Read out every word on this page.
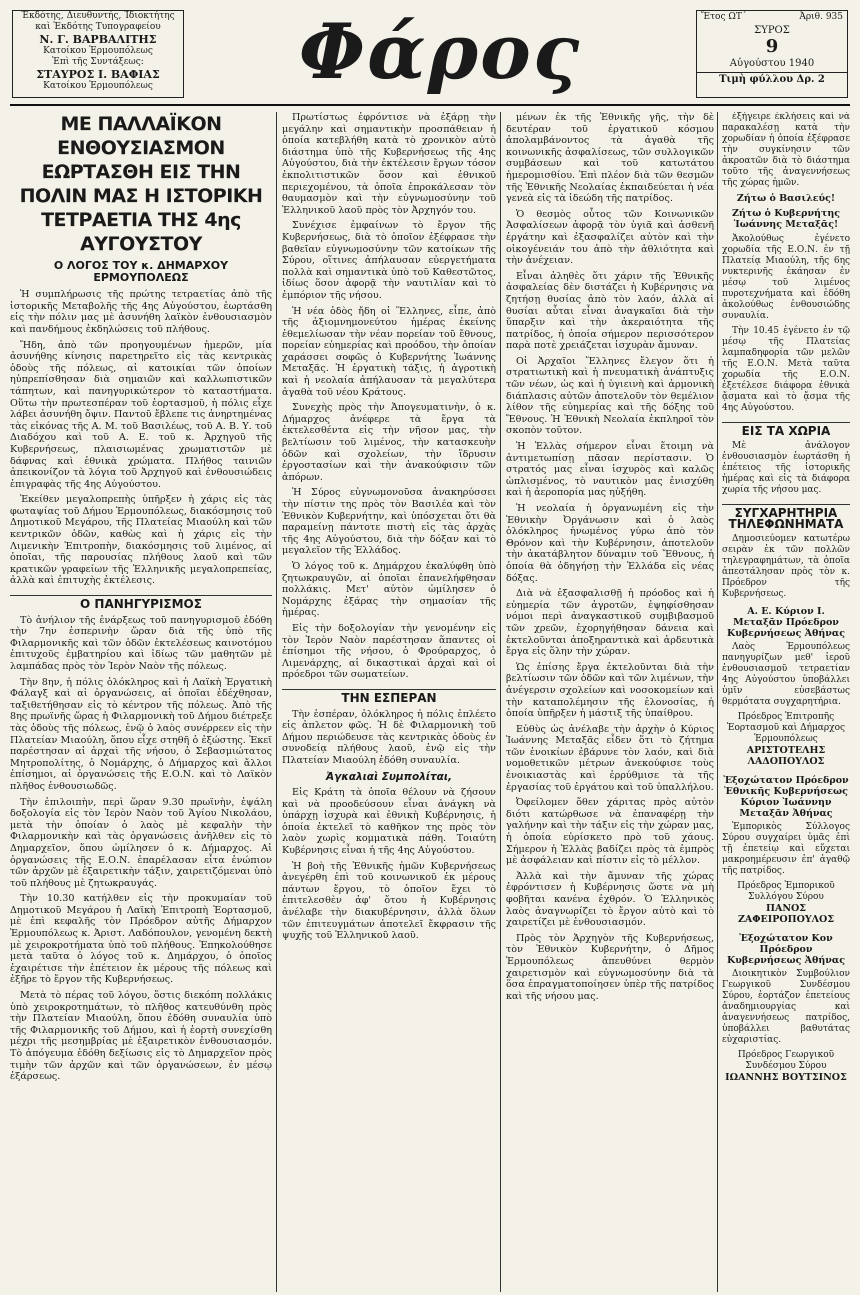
Ἐκδότης, Διευθυντής, Ἰδιοκτήτης
καὶ Ἐκδότης Τυπογραφείου
Ν. Γ. ΒΑΡΒΑΛΙΤΗΣ
Κατοίκου Ἑρμουπόλεως
Ἐπὶ τῆς Συντάξεως:
ΣΤΑΥΡΟΣ Ι. ΒΑΦΙΑΣ
Κατοίκου Ἑρμουπόλεως	Φάρος	Ἔτος ΩΤ΄	Ἀριθ. 935
ΣΥΡΟΣ
9
Αὐγούστου 1940
Τιμὴ φύλλου Δρ. 2
ΜΕ ΠΑΛΛΑΪΚΟΝ ΕΝΘΟΥΣΙΑΣΜΟΝ ΕΩΡΤΑΣΘΗ ΕΙΣ ΤΗΝ ΠΟΛΙΝ ΜΑΣ Η ΙΣΤΟΡΙΚΗ ΤΕΤΡΑΕΤΙΑ ΤΗΣ 4ης ΑΥΓΟΥΣΤΟΥ
Ο ΛΟΓΟΣ ΤΟΥ κ. ΔΗΜΑΡΧΟΥ ΕΡΜΟΥΠΟΛΕΩΣ

Ἡ συμπλήρωσις τῆς πρώτης τετραετίας ἀπὸ τῆς ἱστορικῆς Μεταβολῆς τῆς 4ης Αὐγούστου, ἑωρτάσθη εἰς τὴν πόλιν μας μὲ ἀσυνήθη λαϊκὸν ἐνθουσιασμὸν καὶ πανδήμους ἐκδηλώσεις τοῦ πλήθους.

Ἤδη, ἀπὸ τῶν προηγουμένων ἡμερῶν, μία ἀσυνήθης κίνησις παρετηρεῖτο εἰς τὰς κεντρικὰς ὁδοὺς τῆς πόλεως, αἱ κατοικίαι τῶν ὁποίων ηὐπρεπίσθησαν διὰ σημαιῶν καὶ καλλωπιστικῶν τάπητων, καὶ πανηγυρικώτερον τὸ καταστήματα. Οὕτω τὴν πρωτεσπέραν τοῦ ἑορτασμοῦ, ἡ πόλις εἶχε λάβει ἀσυνήθη ὄψιν. Παντοῦ ἔβλεπε τις ἀνηρτημένας τὰς εἰκόνας τῆς Α. Μ. τοῦ Βασιλέως, τοῦ Α. Β. Υ. τοῦ Διαδόχου καὶ τοῦ Α. Ε. τοῦ κ. Ἀρχηγοῦ τῆς Κυβερνήσεως, πλαισιωμένας χρωματιστῶν μὲ δάφνας καὶ ἐθνικὰ χρώματα. Πλήθος ταινιῶν ἀπεικονίζον τὰ λόγια τοῦ Ἀρχηγοῦ καὶ ἐνθουσιώδεις ἐπιγραφὰς τῆς 4ης Αὐγούστου.

Ἐκείθεν μεγαλοπρεπὴς ὑπῆρξεν ἡ χάρις εἰς τὰς φωταψίας τοῦ Δήμου Ἑρμουπόλεως, διακόσμησις τοῦ Δημοτικοῦ Μεγάρου, τῆς Πλατείας Μιαούλη καὶ τῶν κεντρικῶν ὁδῶν, καθὼς καὶ ἡ χάρις εἰς τὴν Λιμενικὴν Ἐπιτροπὴν, διακόσμησις τοῦ λιμένος, αἱ ὁποῖαι, τῆς παρουσίας πλήθους λαοῦ καὶ τῶν κρατικῶν γραφείων τῆς Ἑλληνικῆς μεγαλοπρεπείας, ἀλλὰ καὶ ἐπιτυχὴς ἐκτέλεσις.

Ο ΠΑΝΗΓΥΡΙΣΜΟΣ

Τὸ ἀνήλιον τῆς ἐνάρξεως τοῦ πανηγυρισμοῦ ἐδόθη τὴν 7ην ἑσπερινὴν ὥραν διὰ τῆς ὑπὸ τῆς Φιλαρμονικῆς καὶ τῶν ὁδῶν ἐκτελέσεως καινοτόμου ἐπιτυχοῦς ἐμβατηρίου καὶ ἰδίως τῶν μαθητῶν μὲ λαμπάδας πρὸς τὸν Ἱερὸν Ναὸν τῆς πόλεως.

Τὴν 8ην, ἡ πόλις ὁλόκληρος καὶ ἡ Λαϊκὴ Ἐργατικὴ Φάλαγξ καὶ αἱ ὀργανώσεις, αἱ ὁποῖαι ἐδέχθησαν, ταξιθετήθησαν εἰς τὸ κέντρον τῆς πόλεως. Ἀπὸ τῆς 8ης πρωϊνῆς ὥρας ἡ Φιλαρμονικὴ τοῦ Δήμου διέτρεξε τὰς ὁδοὺς τῆς πόλεως, ἐνῷ ὁ λαὸς συνέρρεεν εἰς τὴν Πλατείαν Μιαούλη, ὅπου εἶχε στηθῆ ὁ ἐξώστης. Ἐκεῖ παρέστησαν αἱ ἀρχαὶ τῆς νήσου, ὁ Σεβασμιώτατος Μητροπολίτης, ὁ Νομάρχης, ὁ Δήμαρχος καὶ ἄλλοι ἐπίσημοι, αἱ ὀργανώσεις τῆς Ε.Ο.Ν. καὶ τὸ Λαϊκὸν πλῆθος ἐνθουσιωδῶς.

Τὴν ἐπιλοιπὴν, περὶ ὥραν 9.30 πρωϊνὴν, ἐψάλη δοξολογία εἰς τὸν Ἱερὸν Ναὸν τοῦ Ἁγίου Νικολάου, μετὰ τὴν ὁποίαν ὁ λαὸς μὲ κεφαλὴν τὴν Φιλαρμονικὴν καὶ τὰς ὀργανώσεις ἀνῆλθεν εἰς τὸ Δημαρχεῖον, ὅπου ὡμίλησεν ὁ κ. Δήμαρχος. Αἱ ὀργανώσεις τῆς Ε.Ο.Ν. ἐπαρέλασαν εἶτα ἐνώπιον τῶν ἀρχῶν μὲ ἐξαιρετικὴν τάξιν, χαιρετιζόμεναι ὑπὸ τοῦ πλήθους μὲ ζητωκραυγάς.

Τὴν 10.30 κατήλθεν εἰς τὴν προκυμαίαν τοῦ Δημοτικοῦ Μεγάρου ἡ Λαϊκὴ Ἐπιτροπὴ Ἑορτασμοῦ, μὲ ἐπὶ κεφαλῆς τὸν Πρόεδρον αὐτῆς Δήμαρχον Ἑρμουπόλεως κ. Ἀριστ. Λαδόπουλον, γενομένη δεκτὴ μὲ χειροκροτήματα ὑπὸ τοῦ πλήθους. Ἐπηκολούθησε μετὰ ταῦτα ὁ λόγος τοῦ κ. Δημάρχου, ὁ ὁποῖος ἐχαιρέτισε τὴν ἐπέτειον ἐκ μέρους τῆς πόλεως καὶ ἐξῆρε τὸ ἔργον τῆς Κυβερνήσεως.

Μετὰ τὸ πέρας τοῦ λόγου, ὅστις διεκόπη πολλάκις ὑπὸ χειροκροτημάτων, τὸ πλῆθος κατευθύνθη πρὸς τὴν Πλατείαν Μιαούλη, ὅπου ἐδόθη συναυλία ὑπὸ τῆς Φιλαρμονικῆς τοῦ Δήμου, καὶ ἡ ἑορτὴ συνεχίσθη μέχρι τῆς μεσημβρίας μὲ ἐξαιρετικὸν ἐνθουσιασμόν. Τὸ ἀπόγευμα ἐδόθη δεξίωσις εἰς τὸ Δημαρχεῖον πρὸς τιμὴν τῶν ἀρχῶν καὶ τῶν ὀργανώσεων, ἐν μέσῳ ἐξάρσεως.

Πρωτίστως ἐφρόντισε νὰ ἐξάρῃ τὴν μεγάλην καὶ σημαντικὴν προσπάθειαν ἡ ὁποία κατεβλήθη κατὰ τὸ χρονικὸν αὐτὸ διάστημα ὑπὸ τῆς Κυβερνήσεως τῆς 4ης Αὐγούστου, διὰ τὴν ἐκτέλεσιν ἔργων τόσον ἐκπολιτιστικῶν ὅσον καὶ ἐθνικοῦ περιεχομένου, τὰ ὁποῖα ἐπροκάλεσαν τὸν θαυμασμὸν καὶ τὴν εὐγνωμοσύνην τοῦ Ἑλληνικοῦ λαοῦ πρὸς τὸν Ἀρχηγόν του.

Συνέχισε ἐμφαίνων τὸ ἔργον τῆς Κυβερνήσεως, διὰ τὸ ὁποῖον ἐξέφρασε τὴν βαθεῖαν εὐγνωμοσύνην τῶν κατοίκων τῆς Σύρου, οἵτινες ἀπήλαυσαν εὐεργετήματα πολλὰ καὶ σημαντικὰ ὑπὸ τοῦ Καθεστῶτος, ἰδίως ὅσον ἀφορᾷ τὴν ναυτιλίαν καὶ τὸ ἐμπόριον τῆς νήσου.

Ἡ νέα ὁδὸς ἤδη οἱ Ἕλληνες, εἶπε, ἀπὸ τῆς ἀξιομνημονεύτου ἡμέρας ἐκείνης ἐθεμελίωσαν τὴν νέαν πορείαν τοῦ ἔθνους, πορείαν εὐημερίας καὶ προόδου, τὴν ὁποίαν χαράσσει σοφῶς ὁ Κυβερνήτης Ἰωάννης Μεταξᾶς. Ἡ ἐργατικὴ τάξις, ἡ ἀγροτικὴ καὶ ἡ νεολαία ἀπήλαυσαν τὰ μεγαλύτερα ἀγαθὰ τοῦ νέου Κράτους.

Συνεχὴς πρὸς τὴν Ἀπογευματινὴν, ὁ κ. Δήμαρχος ἀνέφερε τὰ ἔργα τὰ ἐκτελεσθέντα εἰς τὴν νῆσον μας, τὴν βελτίωσιν τοῦ λιμένος, τὴν κατασκευὴν ὁδῶν καὶ σχολείων, τὴν ἵδρυσιν ἐργοστασίων καὶ τὴν ἀνακούφισιν τῶν ἀπόρων.

Ἡ Σύρος εὐγνωμονοῦσα ἀνακηρύσσει τὴν πίστιν της πρὸς τὸν Βασιλέα καὶ τὸν Ἐθνικὸν Κυβερνήτην, καὶ ὑπόσχεται ὅτι θὰ παραμείνῃ πάντοτε πιστὴ εἰς τὰς ἀρχὰς τῆς 4ης Αὐγούστου, διὰ τὴν δόξαν καὶ τὸ μεγαλεῖον τῆς Ἑλλάδος.

Ὁ λόγος τοῦ κ. Δημάρχου ἐκαλύφθη ὑπὸ ζητωκραυγῶν, αἱ ὁποῖαι ἐπανελήφθησαν πολλάκις. Μετ' αὐτὸν ὡμίλησεν ὁ Νομάρχης ἐξάρας τὴν σημασίαν τῆς ἡμέρας.

Εἰς τὴν δοξολογίαν τὴν γενομένην εἰς τὸν Ἱερὸν Ναὸν παρέστησαν ἅπαντες οἱ ἐπίσημοι τῆς νήσου, ὁ Φρούραρχος, ὁ Λιμενάρχης, αἱ δικαστικαὶ ἀρχαὶ καὶ οἱ πρόεδροι τῶν σωματείων.

ΤΗΝ ΕΣΠΕΡΑΝ

Τὴν ἑσπέραν, ὁλόκληρος ἡ πόλις ἐπλέετο εἰς ἀπλετον φῶς. Ἡ δὲ Φιλαρμονικὴ τοῦ Δήμου περιώδευσε τὰς κεντρικὰς ὁδοὺς ἐν συνοδείᾳ πλήθους λαοῦ, ἐνῷ εἰς τὴν Πλατείαν Μιαούλη ἐδόθη συναυλία.

Ἀγκαλιαὶ Συμπολίται,

Εἰς Κράτη τὰ ὁποῖα θέλουν νὰ ζήσουν καὶ νὰ προοδεύσουν εἶναι ἀνάγκη νὰ ὑπάρχῃ ἰσχυρὰ καὶ ἐθνικὴ Κυβέρνησις, ἡ ὁποία ἐκτελεῖ τὸ καθῆκον της πρὸς τὸν λαὸν χωρὶς κομματικὰ πάθη. Τοιαύτη Κυβέρνησις εἶναι ἡ τῆς 4ης Αὐγούστου.

Ἡ βοὴ τῆς Ἐθνικῆς ἡμῶν Κυβερνήσεως ἀνεγέρθη ἐπὶ τοῦ κοινωνικοῦ ἐκ μέρους πάντων ἔργου, τὸ ὁποῖον ἔχει τὸ ἐπιτελεσθὲν ἀφ' ὅτου ἡ Κυβέρνησις ἀνέλαβε τὴν διακυβέρνησιν, ἀλλὰ ὅλων τῶν ἐπιτευγμάτων ἀποτελεῖ ἔκφρασιν τῆς ψυχῆς τοῦ Ἑλληνικοῦ λαοῦ.

μένων ἐκ τῆς Ἐθνικῆς γῆς, τὴν δὲ δευτέραν τοῦ ἐργατικοῦ κόσμου ἀπολαμβάνοντος τὰ ἀγαθὰ τῆς κοινωνικῆς ἀσφαλίσεως, τῶν συλλογικῶν συμβάσεων καὶ τοῦ κατωτάτου ἡμερομισθίου. Ἐπὶ πλέον διὰ τῶν θεσμῶν τῆς Ἐθνικῆς Νεολαίας ἐκπαιδεύεται ἡ νέα γενεὰ εἰς τὰ ἰδεώδη τῆς πατρίδος.

Ὁ θεσμὸς οὗτος τῶν Κοινωνικῶν Ἀσφαλίσεων ἀφορᾷ τὸν ὑγιᾶ καὶ ἀσθενῆ ἐργάτην καὶ ἐξασφαλίζει αὐτὸν καὶ τὴν οἰκογένειάν του ἀπὸ τὴν ἀθλιότητα καὶ τὴν ἀνέχειαν.

Εἶναι ἀληθὲς ὅτι χάριν τῆς Ἐθνικῆς ἀσφαλείας δὲν διστάζει ἡ Κυβέρνησις νὰ ζητήσῃ θυσίας ἀπὸ τὸν λαόν, ἀλλὰ αἱ θυσίαι αὗται εἶναι ἀναγκαῖαι διὰ τὴν ὕπαρξιν καὶ τὴν ἀκεραιότητα τῆς πατρίδος, ἡ ὁποία σήμερον περισσότερον παρὰ ποτὲ χρειάζεται ἰσχυρὰν ἄμυναν.

Οἱ Ἀρχαῖοι Ἕλληνες ἔλεγον ὅτι ἡ στρατιωτικὴ καὶ ἡ πνευματικὴ ἀνάπτυξις τῶν νέων, ὡς καὶ ἡ ὑγιεινὴ καὶ ἀρμονικὴ διάπλασις αὐτῶν ἀποτελοῦν τὸν θεμέλιον λίθον τῆς εὐημερίας καὶ τῆς δόξης τοῦ Ἔθνους. Ἡ Ἐθνικὴ Νεολαία ἐκπληροῖ τὸν σκοπὸν τοῦτον.

Ἡ Ἑλλὰς σήμερον εἶναι ἕτοιμη νὰ ἀντιμετωπίσῃ πᾶσαν περίστασιν. Ὁ στρατός μας εἶναι ἰσχυρὸς καὶ καλῶς ὡπλισμένος, τὸ ναυτικὸν μας ἐνισχύθη καὶ ἡ ἀεροπορία μας ηὐξήθη.

Ἡ νεολαία ἡ ὀργανωμένη εἰς τὴν Ἐθνικὴν Ὀργάνωσιν καὶ ὁ λαὸς ὁλόκληρος ἡνωμένος γύρω ἀπὸ τὸν Θρόνον καὶ τὴν Κυβέρνησιν, ἀποτελοῦν τὴν ἀκατάβλητον δύναμιν τοῦ Ἔθνους, ἡ ὁποία θὰ ὁδηγήσῃ τὴν Ἑλλάδα εἰς νέας δόξας.

Διὰ νὰ ἐξασφαλισθῇ ἡ πρόοδος καὶ ἡ εὐημερία τῶν ἀγροτῶν, ἐψηφίσθησαν νόμοι περὶ ἀναγκαστικοῦ συμβιβασμοῦ τῶν χρεῶν, ἐχορηγήθησαν δάνεια καὶ ἐκτελοῦνται ἀποξηραντικὰ καὶ ἀρδευτικὰ ἔργα εἰς ὅλην τὴν χώραν.

Ὡς ἐπίσης ἔργα ἐκτελοῦνται διὰ τὴν βελτίωσιν τῶν ὁδῶν καὶ τῶν λιμένων, τὴν ἀνέγερσιν σχολείων καὶ νοσοκομείων καὶ τὴν καταπολέμησιν τῆς ἑλονοσίας, ἡ ὁποία ὑπῆρξεν ἡ μάστιξ τῆς ὑπαίθρου.

Εὐθὺς ὡς ἀνέλαβε τὴν ἀρχὴν ὁ Κύριος Ἰωάννης Μεταξᾶς εἶδεν ὅτι τὸ ζήτημα τῶν ἐνοικίων ἐβάρυνε τὸν λαόν, καὶ διὰ νομοθετικῶν μέτρων ἀνεκούφισε τοὺς ἐνοικιαστὰς καὶ ἐρρύθμισε τὰ τῆς ἐργασίας τοῦ ἐργάτου καὶ τοῦ ὑπαλλήλου.

Ὀφείλομεν ὅθεν χάριτας πρὸς αὐτὸν διότι κατώρθωσε νὰ ἐπαναφέρῃ τὴν γαλήνην καὶ τὴν τάξιν εἰς τὴν χώραν μας, ἡ ὁποία εὑρίσκετο πρὸ τοῦ χάους. Σήμερον ἡ Ἑλλὰς βαδίζει πρὸς τὰ ἐμπρὸς μὲ ἀσφάλειαν καὶ πίστιν εἰς τὸ μέλλον.

Ἀλλὰ καὶ τὴν ἄμυναν τῆς χώρας ἐφρόντισεν ἡ Κυβέρνησις ὥστε νὰ μὴ φοβῆται κανένα ἐχθρόν. Ὁ Ἑλληνικὸς λαὸς ἀναγνωρίζει τὸ ἔργον αὐτὸ καὶ τὸ χαιρετίζει μὲ ἐνθουσιασμόν.

Πρὸς τὸν Ἀρχηγὸν τῆς Κυβερνήσεως, τὸν Ἐθνικὸν Κυβερνήτην, ὁ Δῆμος Ἑρμουπόλεως ἀπευθύνει θερμὸν χαιρετισμὸν καὶ εὐγνωμοσύνην διὰ τὰ ὅσα ἐπραγματοποίησεν ὑπὲρ τῆς πατρίδος καὶ τῆς νήσου μας.

ἐξήγειρε ἐκλήσεις καὶ νὰ παρακαλέσῃ κατὰ τὴν χορωδίαν ἡ ὁποία ἐξέφρασε τὴν συγκίνησιν τῶν ἀκροατῶν διὰ τὸ διάστημα τοῦτο τῆς ἀναγεννήσεως τῆς χώρας ἡμῶν.

Ζήτω ὁ Βασιλεύς!

Ζήτω ὁ Κυβερνήτης Ἰωάννης Μεταξᾶς!

Ἀκολούθως ἐγένετο χορωδία τῆς Ε.Ο.Ν. ἐν τῇ Πλατείᾳ Μιαούλη, τῆς 6ης νυκτερινῆς ἐκάησαν ἐν μέσῳ τοῦ λιμένος πυροτεχνήματα καὶ ἐδόθη ἀκολούθως ἐνθουσιώδης συναυλία.

Τὴν 10.45 ἐγένετο ἐν τῷ μέσῳ τῆς Πλατείας λαμπαδηφορία τῶν μελῶν τῆς Ε.Ο.Ν. Μετὰ ταῦτα χορωδία τῆς Ε.Ο.Ν. ἐξετέλεσε διάφορα ἐθνικὰ ᾄσματα καὶ τὸ ᾄσμα τῆς 4ης Αὐγούστου.

ΕΙΣ ΤΑ ΧΩΡΙΑ

Μὲ ἀνάλογον ἐνθουσιασμὸν ἑωρτάσθη ἡ ἐπέτειος τῆς ἱστορικῆς ἡμέρας καὶ εἰς τὰ διάφορα χωρία τῆς νήσου μας.

ΣΥΓΧΑΡΗΤΗΡΙΑ ΤΗΛΕΦΩΝΗΜΑΤΑ

Δημοσιεύομεν κατωτέρω σειρὰν ἐκ τῶν πολλῶν τηλεγραφημάτων, τὰ ὁποῖα ἀπεστάλησαν πρὸς τὸν κ. Πρόεδρον τῆς Κυβερνήσεως.

Α. Ε. Κύριον Ι. Μεταξᾶν Πρόεδρον Κυβερνήσεως Ἀθήνας

Λαὸς Ἑρμουπόλεως πανηγυρίζων μεθ' ἱεροῦ ἐνθουσιασμοῦ τετραετίαν 4ης Αὐγούστου ὑποβάλλει ὑμῖν εὐσεβάστως θερμότατα συγχαρητήρια.

Πρόεδρος Ἐπιτροπῆς Ἑορτασμοῦ καὶ Δήμαρχος Ἑρμουπόλεως
ΑΡΙΣΤΟΤΕΛΗΣ ΛΑΔΟΠΟΥΛΟΣ

Ἐξοχώτατον Πρόεδρον Ἐθνικῆς Κυβερνήσεως Κύριον Ἰωάννην Μεταξᾶν Ἀθήνας

Ἐμπορικὸς Σύλλογος Σύρου συγχαίρει ὑμᾶς ἐπὶ τῇ ἐπετείῳ καὶ εὔχεται μακροημέρευσιν ἐπ' ἀγαθῷ τῆς πατρίδος.

Πρόεδρος Ἐμπορικοῦ Συλλόγου Σύρου
ΠΑΝΟΣ ΖΑΦΕΙΡΟΠΟΥΛΟΣ

Ἐξοχώτατον Κον Πρόεδρον Κυβερνήσεως Ἀθήνας

Διοικητικὸν Συμβούλιον Γεωργικοῦ Συνδέσμου Σύρου, ἑορτάζον ἐπετείους ἀναδημιουργίας καὶ ἀναγεννήσεως πατρίδος, ὑποβάλλει βαθυτάτας εὐχαριστίας.

Πρόεδρος Γεωργικοῦ Συνδέσμου Σύρου
ΙΩΑΝΝΗΣ ΒΟΥΤΣΙΝΟΣ
